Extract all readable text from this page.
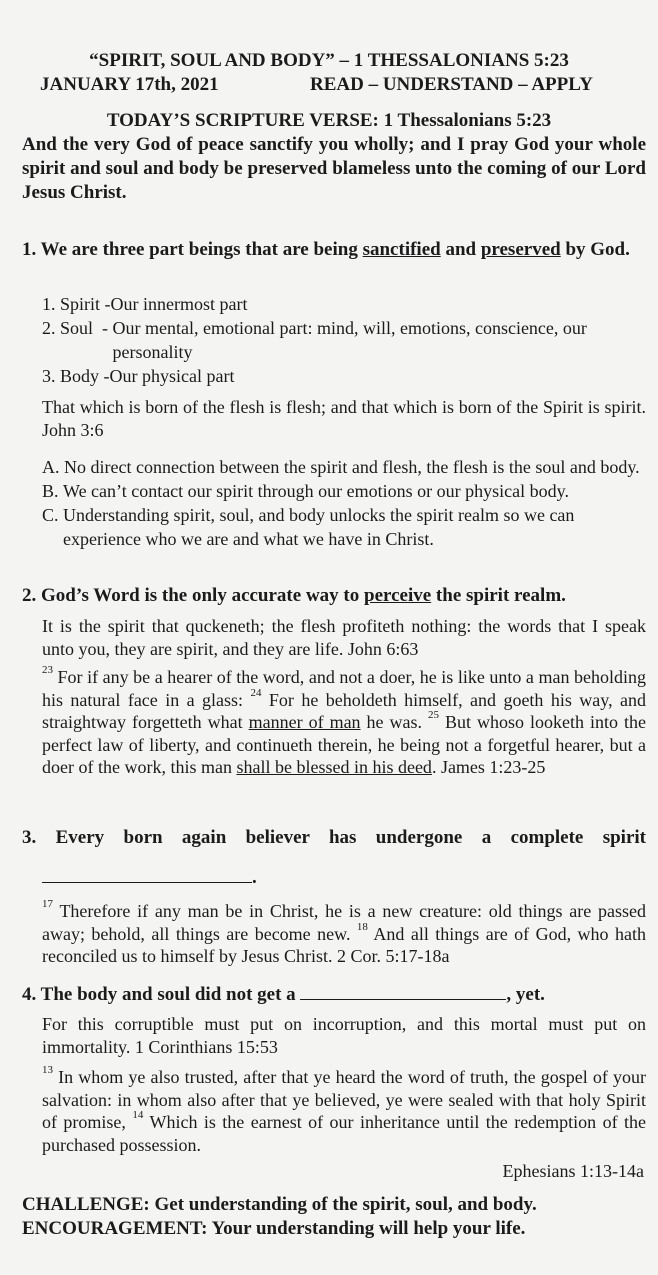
“SPIRIT, SOUL AND BODY” – 1 THESSALONIANS 5:23
JANUARY 17th, 2021	READ – UNDERSTAND – APPLY
TODAY’S SCRIPTURE VERSE: 1 Thessalonians 5:23
And the very God of peace sanctify you wholly; and I pray God your whole spirit and soul and body be preserved blameless unto the coming of our Lord Jesus Christ.
1. We are three part beings that are being sanctified and preserved by God.
1. Spirit - Our innermost part
2. Soul  - Our mental, emotional part: mind, will, emotions, conscience, our personality
3. Body - Our physical part
That which is born of the flesh is flesh; and that which is born of the Spirit is spirit. John 3:6
A. No direct connection between the spirit and flesh, the flesh is the soul and body.
B. We can’t contact our spirit through our emotions or our physical body.
C. Understanding spirit, soul, and body unlocks the spirit realm so we can experience who we are and what we have in Christ.
2. God’s Word is the only accurate way to perceive the spirit realm.
It is the spirit that quckeneth; the flesh profiteth nothing: the words that I speak unto you, they are spirit, and they are life. John 6:63
$^{23}$ For if any be a hearer of the word, and not a doer, he is like unto a man beholding his natural face in a glass: $^{24}$ For he beholdeth himself, and goeth his way, and straightway forgetteth what manner of man he was. $^{25}$ But whoso looketh into the perfect law of liberty, and continueth therein, he being not a forgetful hearer, but a doer of the work, this man shall be blessed in his deed. James 1:23-25
3. Every born again believer has undergone a complete spirit
.
$^{17}$ Therefore if any man be in Christ, he is a new creature: old things are passed away; behold, all things are become new. $^{18}$ And all things are of God, who hath reconciled us to himself by Jesus Christ. 2 Cor. 5:17-18a
4. The body and soul did not get a	, yet.
For this corruptible must put on incorruption, and this mortal must put on immortality. 1 Corinthians 15:53
$^{13}$ In whom ye also trusted, after that ye heard the word of truth, the gospel of your salvation: in whom also after that ye believed, ye were sealed with that holy Spirit of promise, $^{14}$ Which is the earnest of our inheritance until the redemption of the purchased possession.
Ephesians 1:13-14a
CHALLENGE: Get understanding of the spirit, soul, and body.
ENCOURAGEMENT: Your understanding will help your life.
